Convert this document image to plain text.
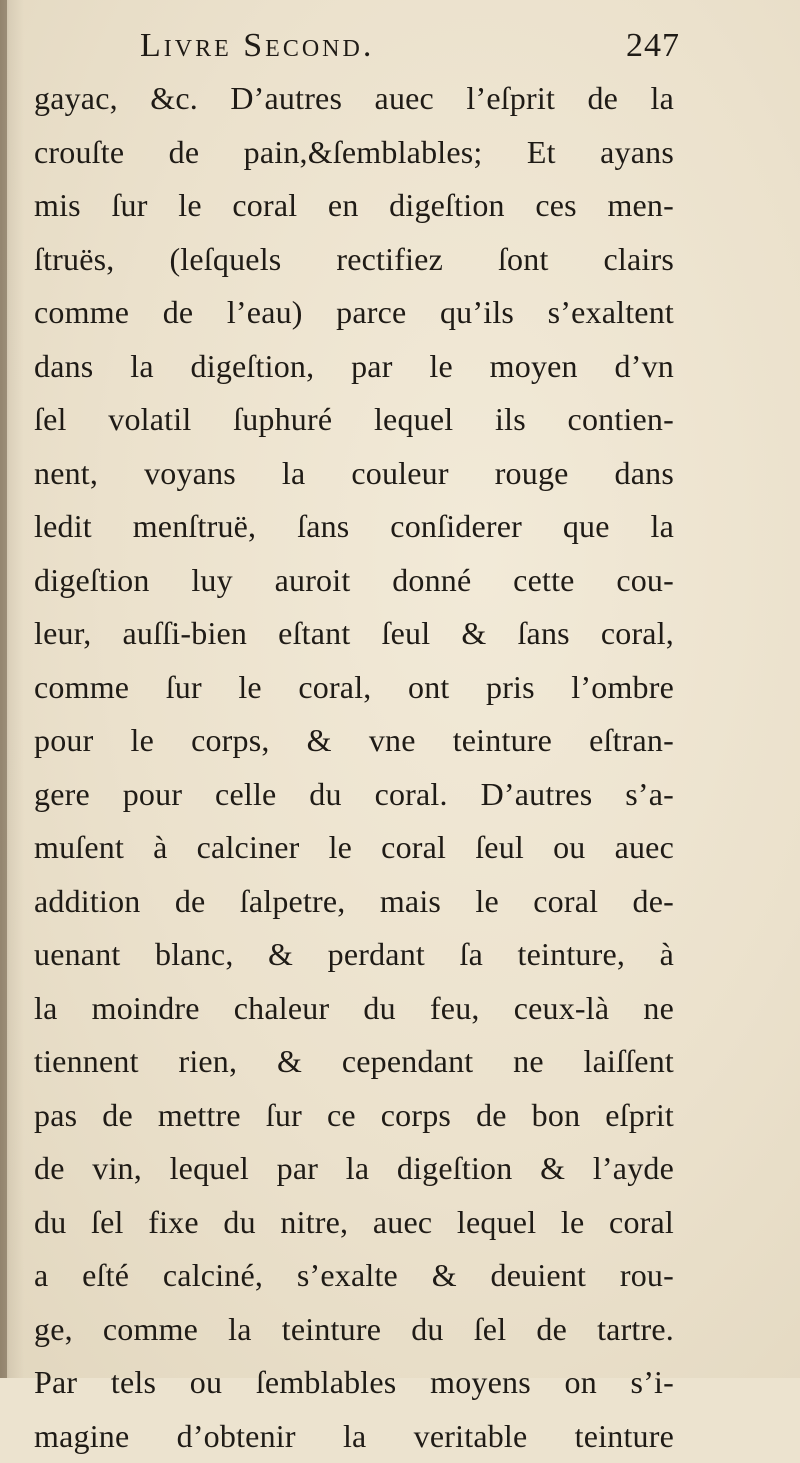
Livre Second.	247
gayac, &c. D’autres auec l’eſprit de la
crouſte de pain,&ſemblables; Et ayans
mis ſur le coral en digeſtion ces men-
ſtruës, (leſquels rectifiez ſont clairs
comme de l’eau) parce qu’ils s’exaltent
dans la digeſtion, par le moyen d’vn
ſel volatil ſuphuré lequel ils contien-
nent, voyans la couleur rouge dans
ledit menſtruë, ſans conſiderer que la
digeſtion luy auroit donné cette cou-
leur, auſſi-bien eſtant ſeul & ſans coral,
comme ſur le coral, ont pris l’ombre
pour le corps, & vne teinture eſtran-
gere pour celle du coral. D’autres s’a-
muſent à calciner le coral ſeul ou auec
addition de ſalpetre, mais le coral de-
uenant blanc, & perdant ſa teinture, à
la moindre chaleur du feu, ceux-là ne
tiennent rien, & cependant ne laiſſent
pas de mettre ſur ce corps de bon eſprit
de vin, lequel par la digeſtion & l’ayde
du ſel fixe du nitre, auec lequel le coral
a eſté calciné, s’exalte & deuient rou-
ge, comme la teinture du ſel de tartre.
Par tels ou ſemblables moyens on s’i-
magine d’obtenir la veritable teinture
